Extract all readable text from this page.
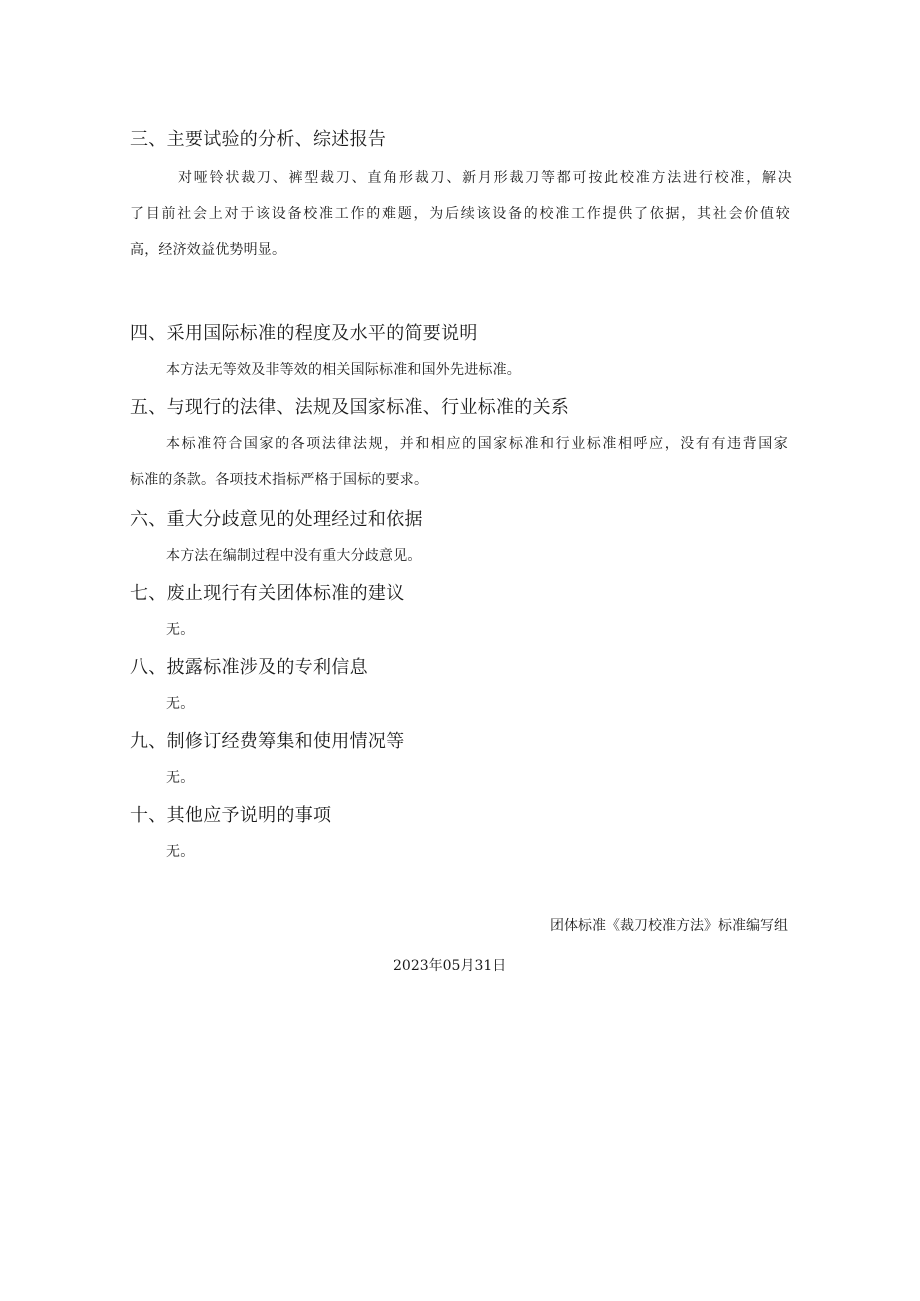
三、主要试验的分析、综述报告
对哑铃状裁刀、裤型裁刀、直角形裁刀、新月形裁刀等都可按此校准方法进行校准，解决
了目前社会上对于该设备校准工作的难题，为后续该设备的校准工作提供了依据，其社会价值较
高，经济效益优势明显。
四、采用国际标准的程度及水平的简要说明
本方法无等效及非等效的相关国际标准和国外先进标准。
五、与现行的法律、法规及国家标准、行业标准的关系
本标准符合国家的各项法律法规，并和相应的国家标准和行业标准相呼应，没有有违背国家
标准的条款。各项技术指标严格于国标的要求。
六、重大分歧意见的处理经过和依据
本方法在编制过程中没有重大分歧意见。
七、废止现行有关团体标准的建议
无。
八、披露标准涉及的专利信息
无。
九、制修订经费筹集和使用情况等
无。
十、其他应予说明的事项
无。
团体标准《裁刀校准方法》标准编写组
2023年05月31日
